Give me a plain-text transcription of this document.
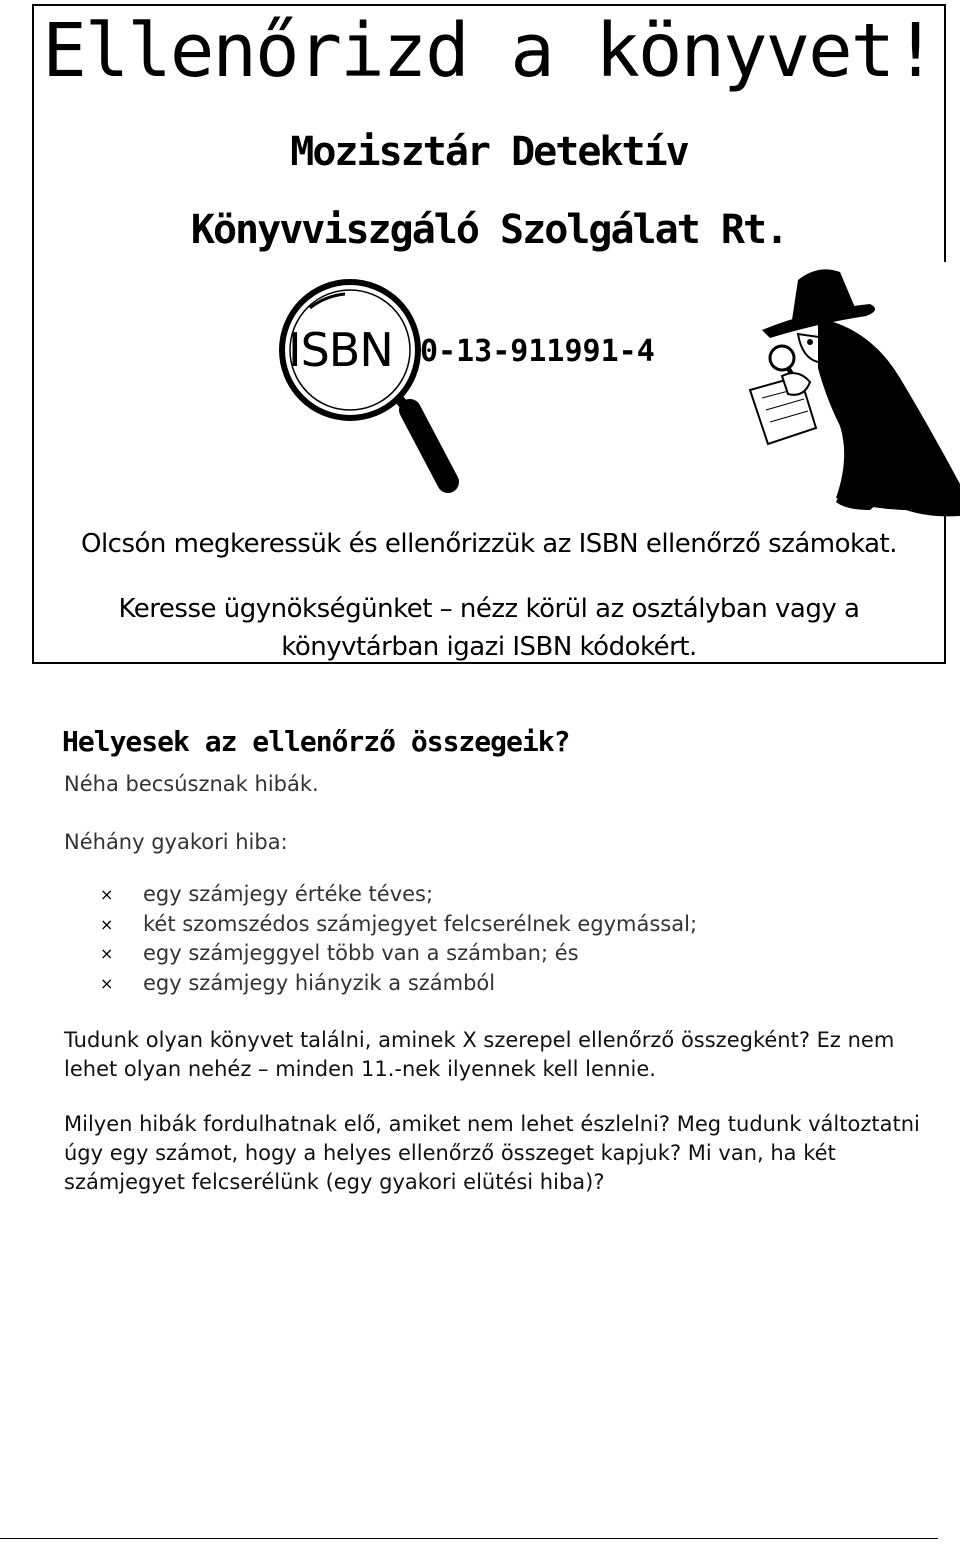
Ellenőrizd a könyvet!

Mozisztár Detektív

Könyvviszgáló Szolgálat Rt.

ISBN 0-13-911991-4

Olcsón megkeressük és ellenőrizzük az ISBN ellenőrző számokat.

Keresse ügynökségünket – nézz körül az osztályban vagy a könyvtárban igazi ISBN kódokért.

Helyesek az ellenőrző összegeik?

Néha becsúsznak hibák.

Néhány gyakori hiba:

× egy számjegy értéke téves;
× két szomszédos számjegyet felcserélnek egymással;
× egy számjeggyel több van a számban; és
× egy számjegy hiányzik a számból

Tudunk olyan könyvet találni, aminek X szerepel ellenőrző összegként? Ez nem lehet olyan nehéz – minden 11.-nek ilyennek kell lennie.

Milyen hibák fordulhatnak elő, amiket nem lehet észlelni? Meg tudunk változtatni úgy egy számot, hogy a helyes ellenőrző összeget kapjuk? Mi van, ha két számjegyet felcserélünk (egy gyakori elütési hiba)?
